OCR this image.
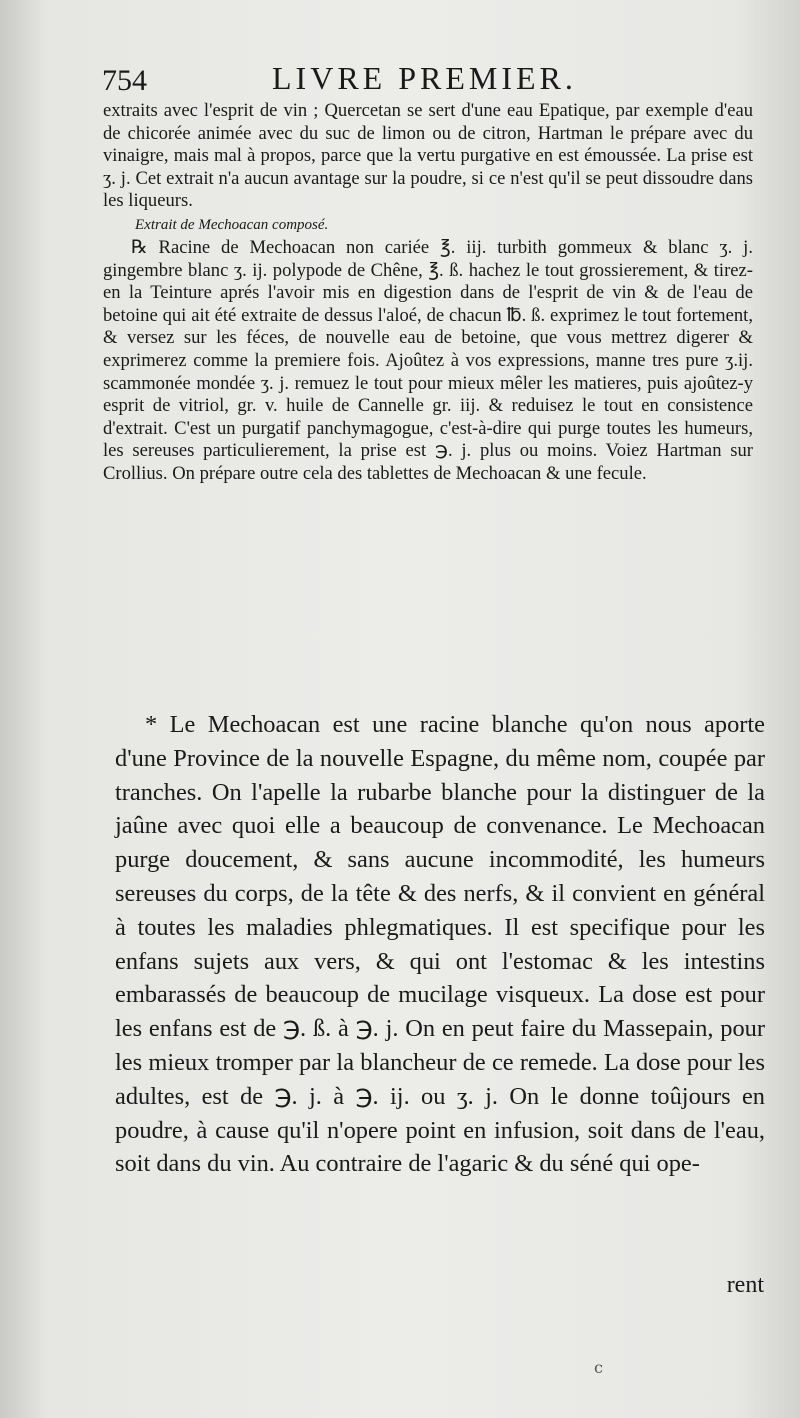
754	LIVRE PREMIER.

extraits avec l'esprit de vin ; Quercetan se sert d'une eau Epatique, par exemple d'eau de chicorée animée avec du suc de limon ou de citron, Hartman le prépare avec du vinaigre, mais mal à propos, parce que la vertu purgative en est émoussée. La prise est ʒ. j. Cet extrait n'a aucun avantage sur la poudre, si ce n'est qu'il se peut dissoudre dans les liqueurs.

Extrait de Mechoacan composé.

℞ Racine de Mechoacan non cariée ℥. iij. turbith gommeux & blanc ʒ. j. gingembre blanc ʒ. ij. polypode de Chêne, ℥. ß. hachez le tout grossierement, & tirez-en la Teinture aprés l'avoir mis en digestion dans de l'esprit de vin & de l'eau de betoine qui ait été extraite de dessus l'aloé, de chacun ℔. ß. exprimez le tout fortement, & versez sur les féces, de nouvelle eau de betoine, que vous mettrez digerer & exprimerez comme la premiere fois. Ajoûtez à vos expressions, manne tres pure ʒ.ij. scammonée mondée ʒ. j. remuez le tout pour mieux mêler les matieres, puis ajoûtez-y esprit de vitriol, gr. v. huile de Cannelle gr. iij. & reduisez le tout en consistence d'extrait. C'est un purgatif panchymagogue, c'est-à-dire qui purge toutes les humeurs, les sereuses particulierement, la prise est ℈. j. plus ou moins. Voiez Hartman sur Crollius. On prépare outre cela des tablettes de Mechoacan & une fecule.

* Le Mechoacan est une racine blanche qu'on nous aporte d'une Province de la nouvelle Espagne, du même nom, coupée par tranches. On l'apelle la rubarbe blanche pour la distinguer de la jaûne avec quoi elle a beaucoup de convenance. Le Mechoacan purge doucement, & sans aucune incommodité, les humeurs sereuses du corps, de la tête & des nerfs, & il convient en général à toutes les maladies phlegmatiques. Il est specifique pour les enfans sujets aux vers, & qui ont l'estomac & les intestins embarassés de beaucoup de mucilage visqueux. La dose est pour les enfans est de ℈. ß. à ℈. j. On en peut faire du Massepain, pour les mieux tromper par la blancheur de ce remede. La dose pour les adultes, est de ℈. j. à ℈. ij. ou ʒ. j. On le donne toûjours en poudre, à cause qu'il n'opere point en infusion, soit dans de l'eau, soit dans du vin. Au contraire de l'agaric & du séné qui ope-

rent
c
